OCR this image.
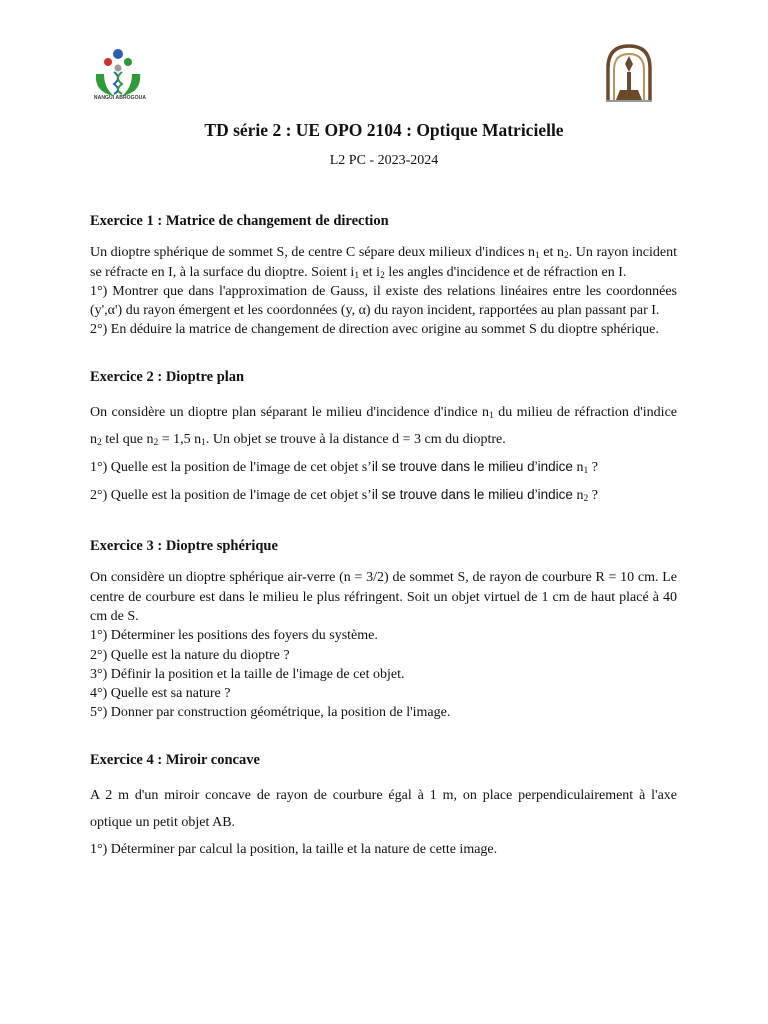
NANGUI ABROGOUA
TD série 2 : UE OPO 2104 : Optique Matricielle
L2 PC - 2023-2024
Exercice 1 : Matrice de changement de direction

Un dioptre sphérique de sommet S, de centre C sépare deux milieux d'indices $n_1$ et $n_2$. Un rayon incident se réfracte en I, à la surface du dioptre. Soient $i_1$ et $i_2$ les angles d'incidence et de réfraction en I.

1°) Montrer que dans l'approximation de Gauss, il existe des relations linéaires entre les coordonnées (y',α') du rayon émergent et les coordonnées (y, α) du rayon incident, rapportées au plan passant par I.

2°) En déduire la matrice de changement de direction avec origine au sommet S du dioptre sphérique.

Exercice 2 : Dioptre plan

On considère un dioptre plan séparant le milieu d'incidence d'indice $n_1$ du milieu de réfraction d'indice $n_2$ tel que $n_2 = 1,5$ $n_1$. Un objet se trouve à la distance d = 3 cm du dioptre.

1°) Quelle est la position de l'image de cet objet s’il se trouve dans le milieu d’indice $n_1$ ?

2°) Quelle est la position de l'image de cet objet s’il se trouve dans le milieu d’indice $n_2$ ?

Exercice 3 : Dioptre sphérique

On considère un dioptre sphérique air-verre (n = 3/2) de sommet S, de rayon de courbure R = 10 cm. Le centre de courbure est dans le milieu le plus réfringent. Soit un objet virtuel de 1 cm de haut placé à 40 cm de S.

1°) Déterminer les positions des foyers du système.

2°) Quelle est la nature du dioptre ?

3°) Définir la position et la taille de l'image de cet objet.

4°) Quelle est sa nature ?

5°) Donner par construction géométrique, la position de l'image.

Exercice 4 : Miroir concave

A 2 m d'un miroir concave de rayon de courbure égal à 1 m, on place perpendiculairement à l'axe optique un petit objet AB.

1°) Déterminer par calcul la position, la taille et la nature de cette image.
